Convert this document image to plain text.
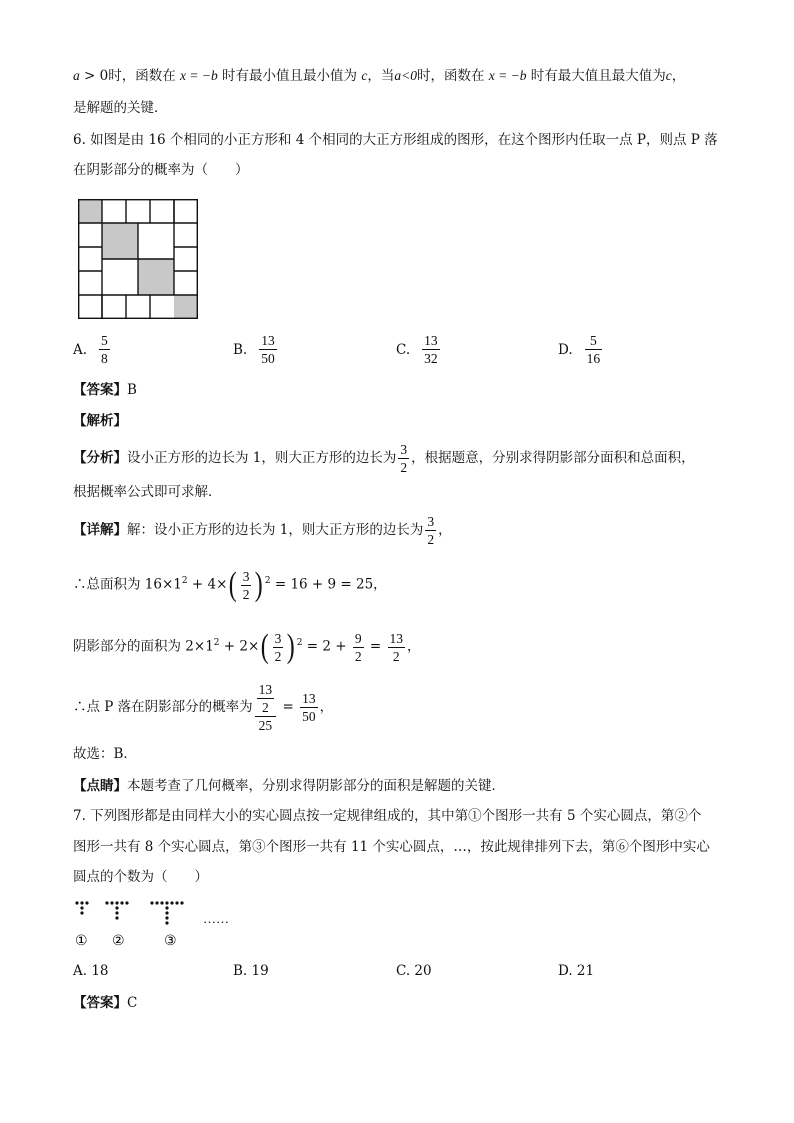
a > 0时，函数在 x = −b 时有最小值且最小值为 c，当a<0时，函数在 x = −b 时有最大值且最大值为c，
是解题的关键．
6. 如图是由 16 个相同的小正方形和 4 个相同的大正方形组成的图形，在这个图形内任取一点 P，则点 P 落
在阴影部分的概率为（　　）
A. $\frac{5}{8}$	B. $\frac{13}{50}$	C. $\frac{13}{32}$	D. $\frac{5}{16}$
【答案】B
【解析】
【分析】设小正方形的边长为 1，则大正方形的边长为 $\frac{3}{2}$ ，根据题意，分别求得阴影部分面积和总面积，
根据概率公式即可求解．
【详解】解：设小正方形的边长为 1，则大正方形的边长为 $\frac{3}{2}$ ，
∴总面积为 $16\times 1^2 + 4\times( \frac{3}{2}$ ) $^2$ = 16 + 9 = 25，
阴影部分的面积为 $2\times 1^2 + 2\times( \frac{3}{2}$ ) $^2 = 2 + \frac{9}{2} = \frac{13}{2}$ ，
∴点 P 落在阴影部分的概率为 $\frac{\frac{13}{2}}{25} = \frac{13}{50}$ ，
故选：B．
【点睛】本题考查了几何概率，分别求得阴影部分的面积是解题的关键．
7. 下列图形都是由同样大小的实心圆点按一定规律组成的，其中第①个图形一共有 5 个实心圆点，第②个
图形一共有 8 个实心圆点，第③个图形一共有 11 个实心圆点，…，按此规律排列下去，第⑥个图形中实心
圆点的个数为（　　）
……
① ②	③
A. 18	B. 19	C. 20	D. 21
【答案】C
